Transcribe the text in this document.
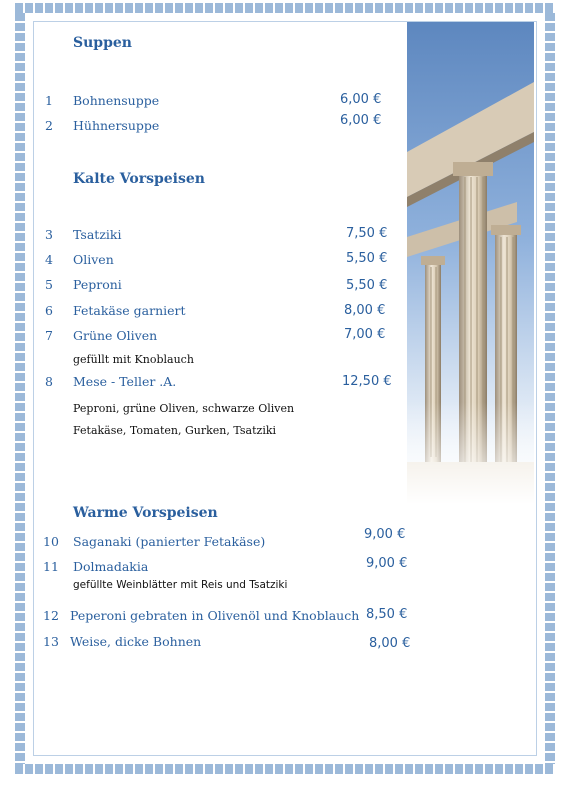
Suppen
1 Bohnensuppe	6,00 €
2 Hühnersuppe	6,00 €
Kalte Vorspeisen
3 Tsatziki	7,50 €
4 Oliven	5,50 €
5 Peproni	5,50 €
6 Fetakäse garniert	8,00 €
7 Grüne Oliven	7,00 €
gefüllt mit Knoblauch
8 Mese - Teller .A.	12,50 €
Peproni, grüne Oliven, schwarze Oliven
Fetakäse, Tomaten, Gurken, Tsatziki
Warme Vorspeisen
10 Saganaki (panierter Fetakäse)	9,00 €
11 Dolmadakia	9,00 €
gefüllte Weinblätter mit Reis und Tsatziki
12 Peperoni gebraten in Olivenöl und Knoblauch 8,50 €
13 Weise, dicke Bohnen	8,00 €
